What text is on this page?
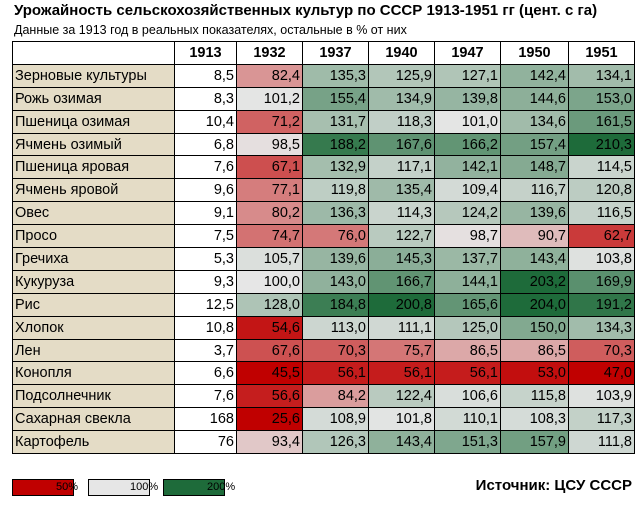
Урожайность сельскохозяйственных культур по СССР 1913-1951 гг (цент. с га)
Данные за 1913 год в реальных показателях, остальные в % от них
	1913	1932	1937	1940	1947	1950	1951
Зерновые культуры	8,5	82,4	135,3	125,9	127,1	142,4	134,1
Рожь озимая	8,3	101,2	155,4	134,9	139,8	144,6	153,0
Пшеница озимая	10,4	71,2	131,7	118,3	101,0	134,6	161,5
Ячмень озимый	6,8	98,5	188,2	167,6	166,2	157,4	210,3
Пшеница яровая	7,6	67,1	132,9	117,1	142,1	148,7	114,5
Ячмень яровой	9,6	77,1	119,8	135,4	109,4	116,7	120,8
Овес	9,1	80,2	136,3	114,3	124,2	139,6	116,5
Просо	7,5	74,7	76,0	122,7	98,7	90,7	62,7
Гречиха	5,3	105,7	139,6	145,3	137,7	143,4	103,8
Кукуруза	9,3	100,0	143,0	166,7	144,1	203,2	169,9
Рис	12,5	128,0	184,8	200,8	165,6	204,0	191,2
Хлопок	10,8	54,6	113,0	111,1	125,0	150,0	134,3
Лен	3,7	67,6	70,3	75,7	86,5	86,5	70,3
Конопля	6,6	45,5	56,1	56,1	56,1	53,0	47,0
Подсолнечник	7,6	56,6	84,2	122,4	106,6	115,8	103,9
Сахарная свекла	168	25,6	108,9	101,8	110,1	108,3	117,3
Картофель	76	93,4	126,3	143,4	151,3	157,9	111,8
50%	100%	200%	Источник: ЦСУ СССР
